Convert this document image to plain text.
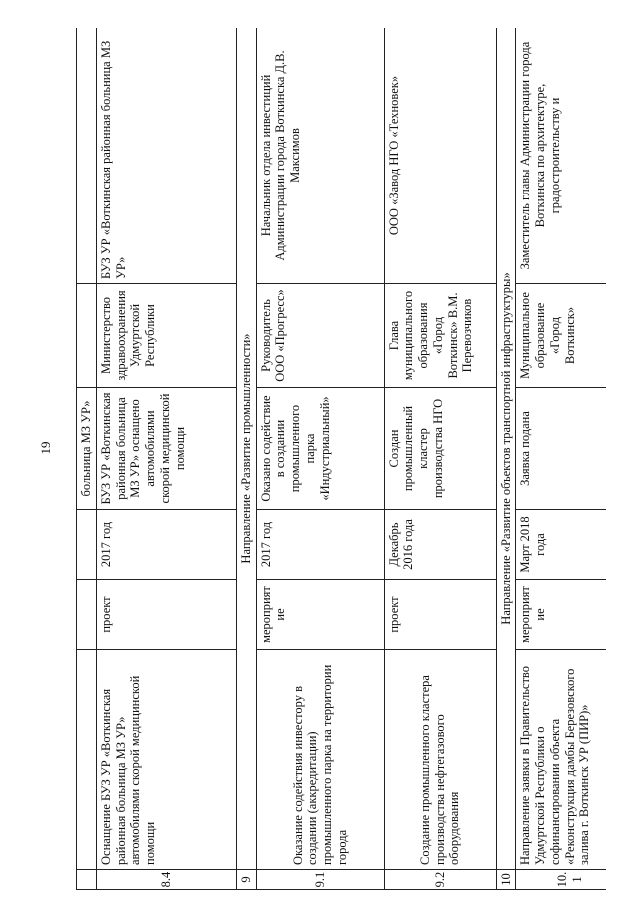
19
				больница МЗ УР»		
8.4	Оснащение БУЗ УР «Воткинская районная больница МЗ УР» автомобилями скорой медицинской помощи	проект	2017 год	БУЗ УР «Воткинская районная больница МЗ УР» оснащено автомобилями скорой медицинской помощи	Министерство здравоохранения Удмуртской Республики	БУЗ УР «Воткинская районная больница МЗ УР»
9	Направление «Развитие промышленности»					
9.1	Оказание содействия инвестору в создании (аккредитации) промышленного парка на территории города	мероприятие	2017 год	Оказано содействие в создании промышленного парка «Индустриальный»	Руководитель ООО «Прогресс»	Начальник отдела инвестиций Администрации города Воткинска Д.В. Максимов
9.2	Создание промышленного кластера производства нефтегазового оборудования	проект	Декабрь 2016 года	Создан промышленный кластер производства НГО	Глава муниципального образования «Город Воткинск» В.М. Перевозчиков	ООО «Завод НГО «Техновек»
10	Направление «Развитие объектов транспортной инфраструктуры»					
10.1	Направление заявки в Правительство Удмуртской Республики о софинансировании объекта «Реконструкция дамбы Березовского залива г. Воткинск УР (ПИР)»	мероприятие	Март 2018 года	Заявка подана	Муниципальное образование «Город Воткинск»	Заместитель главы Администрации города Воткинска по архитектуре, градостроительству и
